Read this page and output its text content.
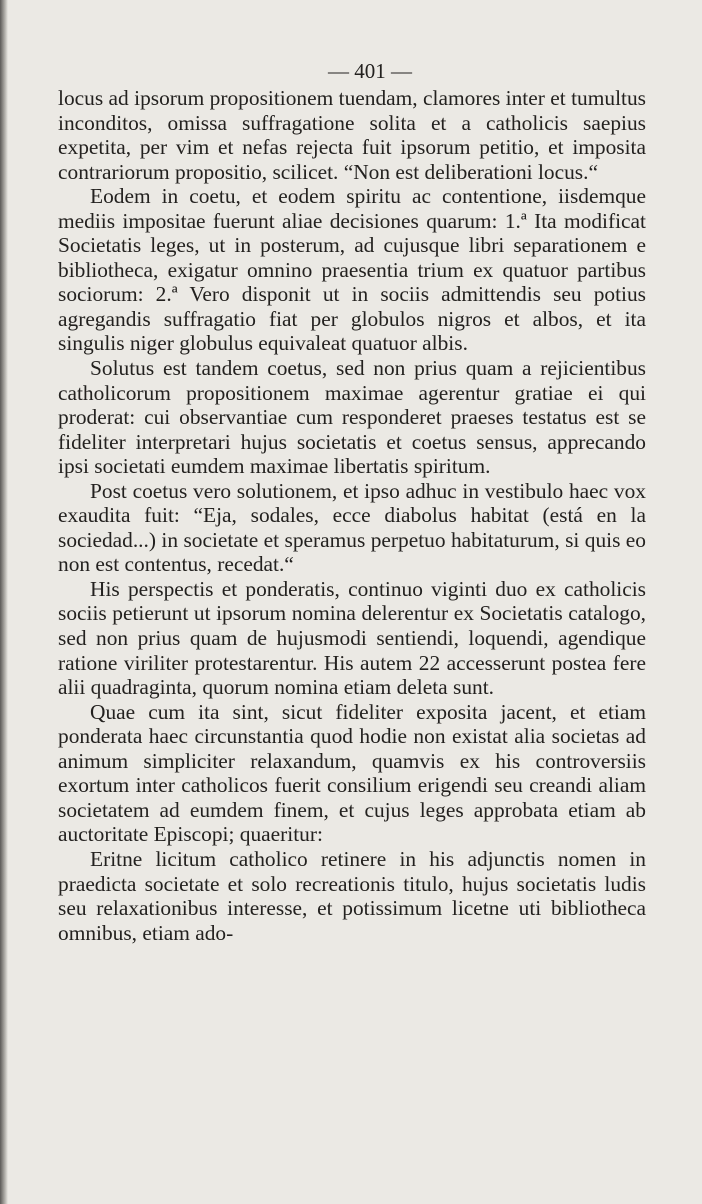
— 401 —

locus ad ipsorum propositionem tuendam, clamores inter et tumultus inconditos, omissa suffragatione solita et a catholicis saepius expetita, per vim et nefas rejecta fuit ipsorum petitio, et imposita contrariorum propositio, scilicet. “Non est deliberationi locus.“

Eodem in coetu, et eodem spiritu ac contentione, iisdemque mediis impositae fuerunt aliae decisiones quarum: 1.ª Ita modificat Societatis leges, ut in posterum, ad cujusque libri separationem e bibliotheca, exigatur omnino praesentia trium ex quatuor partibus sociorum: 2.ª Vero disponit ut in sociis admittendis seu potius agregandis suffragatio fiat per globulos nigros et albos, et ita singulis niger globulus equivaleat quatuor albis.

Solutus est tandem coetus, sed non prius quam a rejicientibus catholicorum propositionem maximae agerentur gratiae ei qui proderat: cui observantiae cum responderet praeses testatus est se fideliter interpretari hujus societatis et coetus sensus, apprecando ipsi societati eumdem maximae libertatis spiritum.

Post coetus vero solutionem, et ipso adhuc in vestibulo haec vox exaudita fuit: “Eja, sodales, ecce diabolus habitat (está en la sociedad...) in societate et speramus perpetuo habitaturum, si quis eo non est contentus, recedat.“

His perspectis et ponderatis, continuo viginti duo ex catholicis sociis petierunt ut ipsorum nomina delerentur ex Societatis catalogo, sed non prius quam de hujusmodi sentiendi, loquendi, agendique ratione viriliter protestarentur. His autem 22 accesserunt postea fere alii quadraginta, quorum nomina etiam deleta sunt.

Quae cum ita sint, sicut fideliter exposita jacent, et etiam ponderata haec circunstantia quod hodie non existat alia societas ad animum simpliciter relaxandum, quamvis ex his controversiis exortum inter catholicos fuerit consilium erigendi seu creandi aliam societatem ad eumdem finem, et cujus leges approbata etiam ab auctoritate Episcopi; quaeritur:

Eritne licitum catholico retinere in his adjunctis nomen in praedicta societate et solo recreationis titulo, hujus societatis ludis seu relaxationibus interesse, et potissimum licetne uti bibliotheca omnibus, etiam ado-
